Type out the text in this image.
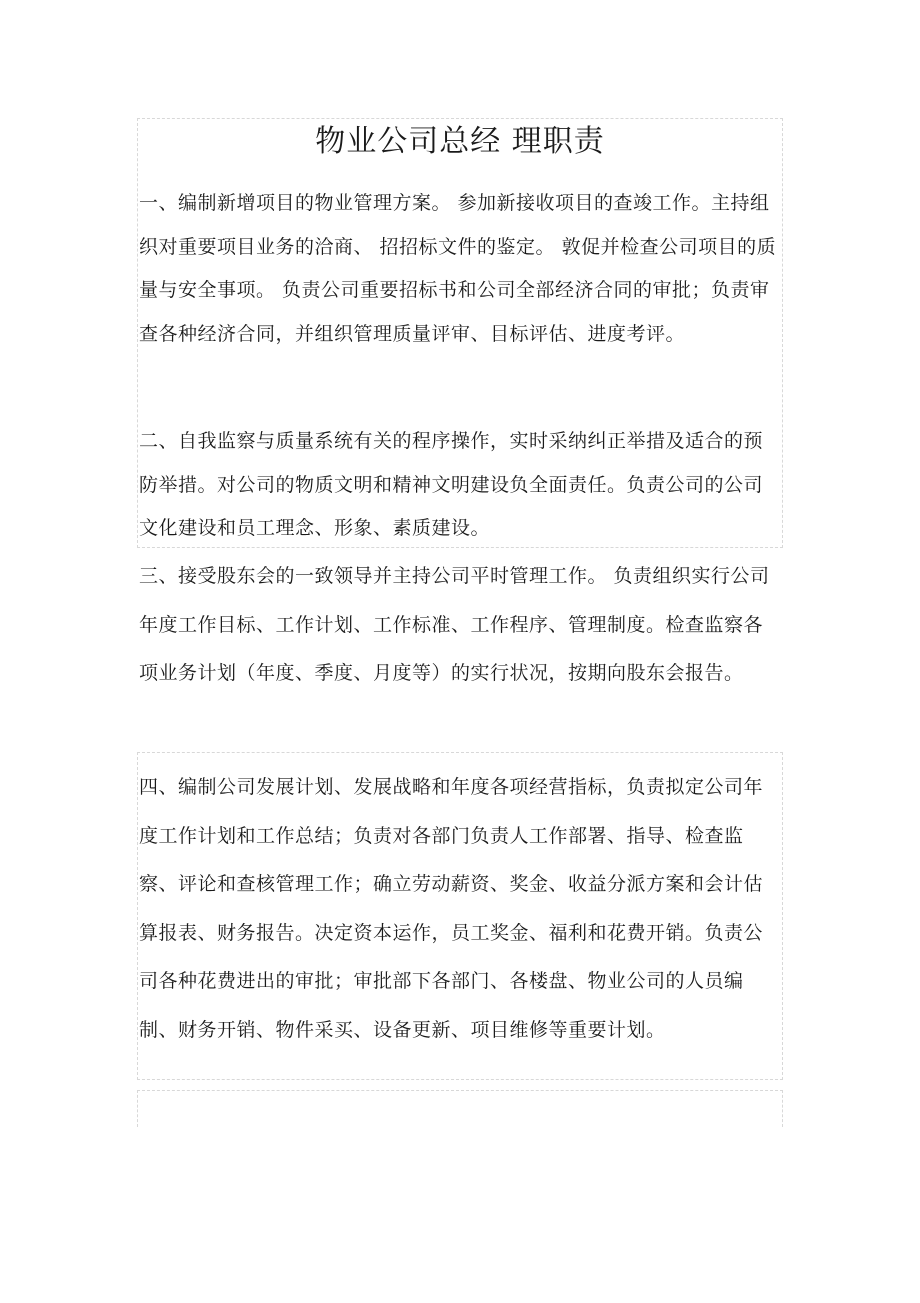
物业公司总经 理职责

一、编制新增项目的物业管理方案。 参加新接收项目的查竣工作。主持组织对重要项目业务的洽商、 招招标文件的鉴定。 敦促并检查公司项目的质量与安全事项。 负责公司重要招标书和公司全部经济合同的审批；负责审查各种经济合同，并组织管理质量评审、目标评估、进度考评。

二、自我监察与质量系统有关的程序操作，实时采纳纠正举措及适合的预防举措。对公司的物质文明和精神文明建设负全面责任。负责公司的公司文化建设和员工理念、形象、素质建设。

三、接受股东会的一致领导并主持公司平时管理工作。 负责组织实行公司年度工作目标、工作计划、工作标准、工作程序、管理制度。检查监察各项业务计划（年度、季度、月度等）的实行状况，按期向股东会报告。

四、编制公司发展计划、发展战略和年度各项经营指标，负责拟定公司年度工作计划和工作总结；负责对各部门负责人工作部署、指导、检查监察、评论和查核管理工作；确立劳动薪资、奖金、收益分派方案和会计估算报表、财务报告。决定资本运作，员工奖金、福利和花费开销。负责公司各种花费进出的审批；审批部下各部门、各楼盘、物业公司的人员编制、财务开销、物件采买、设备更新、项目维修等重要计划。
